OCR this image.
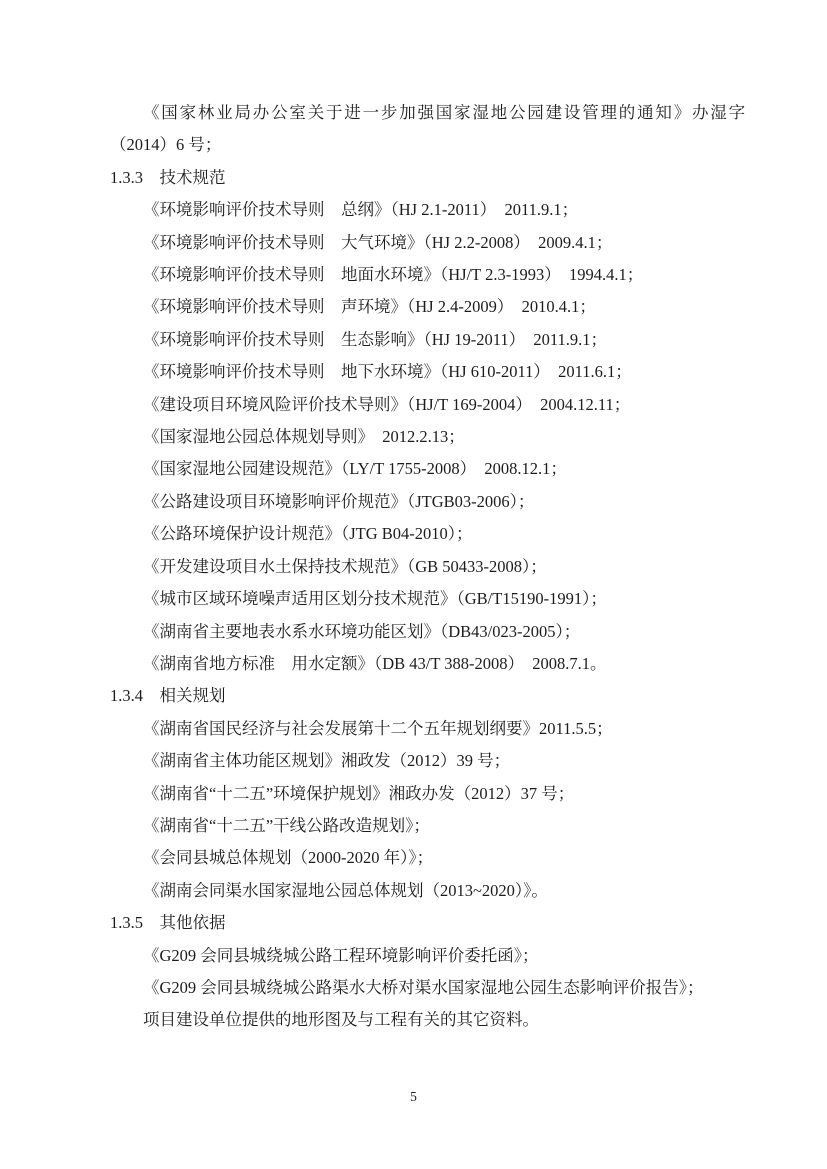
《国家林业局办公室关于进一步加强国家湿地公园建设管理的通知》办湿字
（2014）6 号；
1.3.3　技术规范
《环境影响评价技术导则　总纲》（HJ 2.1-2011）　2011.9.1；
《环境影响评价技术导则　大气环境》（HJ 2.2-2008）　2009.4.1；
《环境影响评价技术导则　地面水环境》（HJ/T 2.3-1993）　1994.4.1；
《环境影响评价技术导则　声环境》（HJ 2.4-2009）　2010.4.1；
《环境影响评价技术导则　生态影响》（HJ 19-2011）　2011.9.1；
《环境影响评价技术导则　地下水环境》（HJ 610-2011）　2011.6.1；
《建设项目环境风险评价技术导则》（HJ/T 169-2004）　2004.12.11；
《国家湿地公园总体规划导则》　2012.2.13；
《国家湿地公园建设规范》（LY/T 1755-2008）　2008.12.1；
《公路建设项目环境影响评价规范》（JTGB03-2006）；
《公路环境保护设计规范》（JTG B04-2010）；
《开发建设项目水土保持技术规范》（GB 50433-2008）；
《城市区域环境噪声适用区划分技术规范》（GB/T15190-1991）；
《湖南省主要地表水系水环境功能区划》（DB43/023-2005）；
《湖南省地方标准　用水定额》（DB 43/T 388-2008）　2008.7.1。
1.3.4　相关规划
《湖南省国民经济与社会发展第十二个五年规划纲要》2011.5.5；
《湖南省主体功能区规划》湘政发（2012）39 号；
《湖南省“十二五”环境保护规划》湘政办发（2012）37 号；
《湖南省“十二五”干线公路改造规划》；
《会同县城总体规划（2000-2020 年）》；
《湖南会同渠水国家湿地公园总体规划（2013~2020）》。
1.3.5　其他依据
《G209 会同县城绕城公路工程环境影响评价委托函》；
《G209 会同县城绕城公路渠水大桥对渠水国家湿地公园生态影响评价报告》；
项目建设单位提供的地形图及与工程有关的其它资料。
5
